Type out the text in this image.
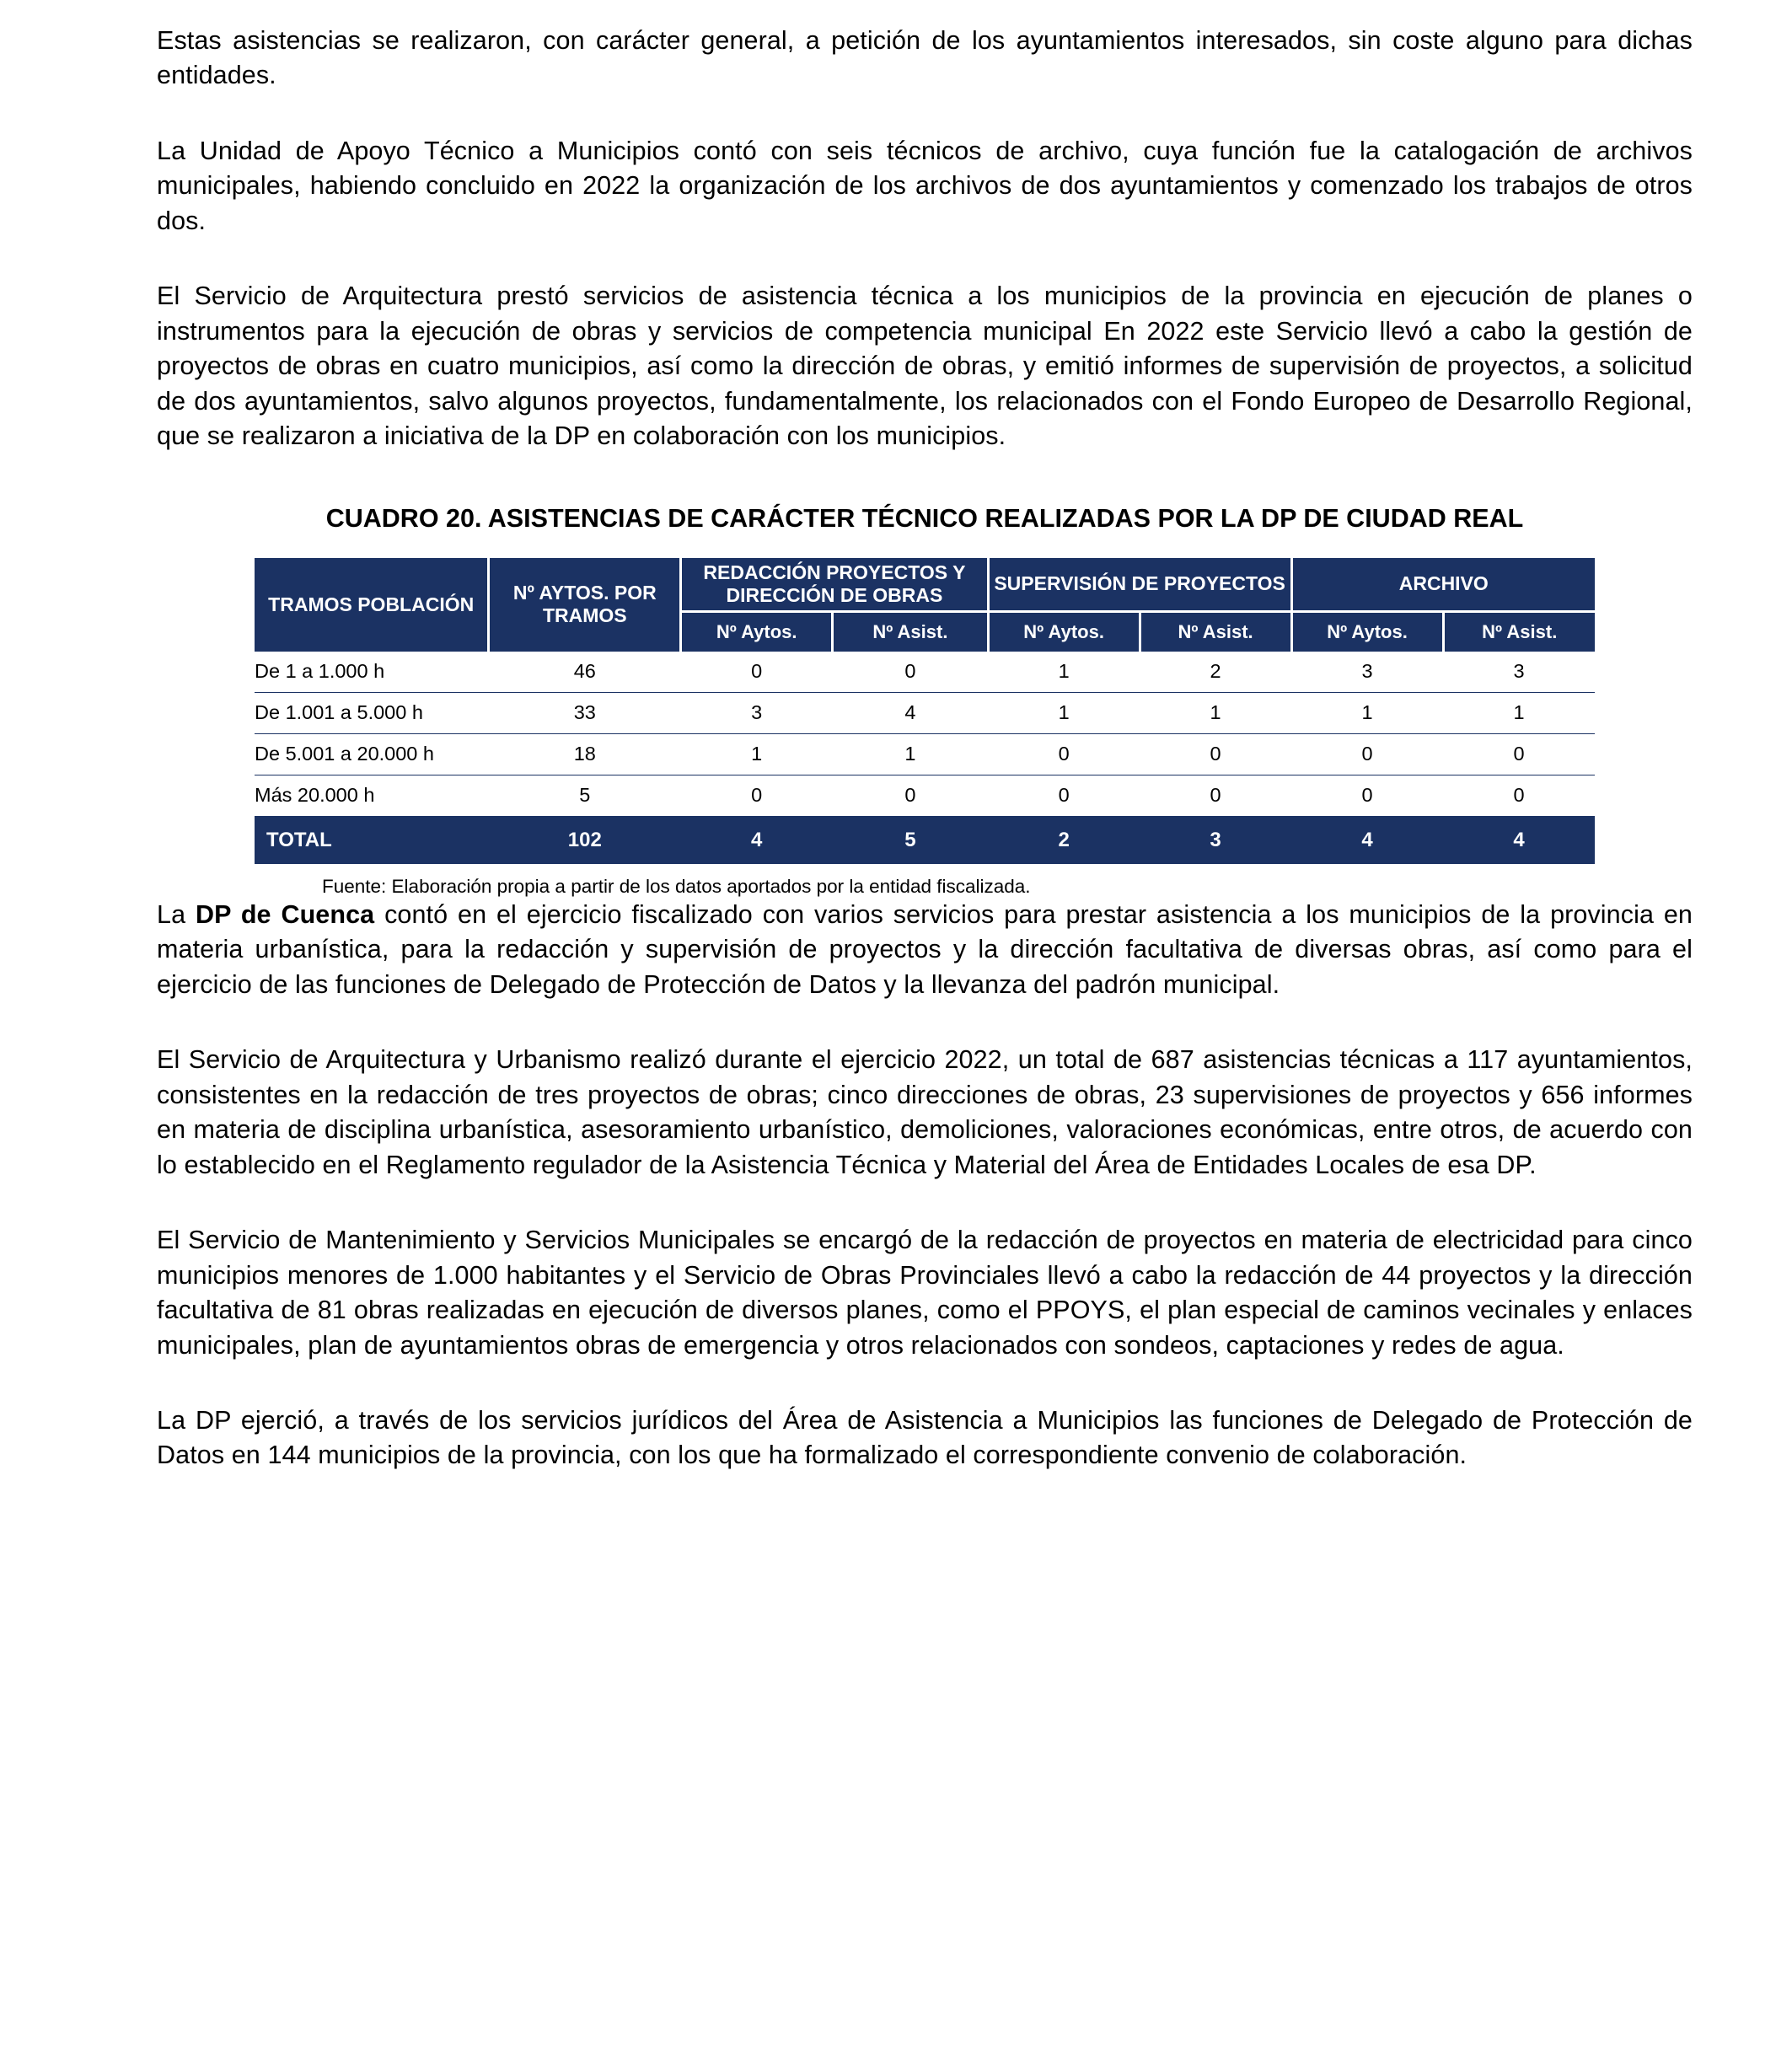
Estas asistencias se realizaron, con carácter general, a petición de los ayuntamientos interesados, sin coste alguno para dichas entidades.

La Unidad de Apoyo Técnico a Municipios contó con seis técnicos de archivo, cuya función fue la catalogación de archivos municipales, habiendo concluido en 2022 la organización de los archivos de dos ayuntamientos y comenzado los trabajos de otros dos.

El Servicio de Arquitectura prestó servicios de asistencia técnica a los municipios de la provincia en ejecución de planes o instrumentos para la ejecución de obras y servicios de competencia municipal En 2022 este Servicio llevó a cabo la gestión de proyectos de obras en cuatro municipios, así como la dirección de obras, y emitió informes de supervisión de proyectos, a solicitud de dos ayuntamientos, salvo algunos proyectos, fundamentalmente, los relacionados con el Fondo Europeo de Desarrollo Regional, que se realizaron a iniciativa de la DP en colaboración con los municipios.

CUADRO 20. ASISTENCIAS DE CARÁCTER TÉCNICO REALIZADAS POR LA DP DE CIUDAD REAL
TRAMOS POBLACIÓN	Nº AYTOS. POR TRAMOS	REDACCIÓN PROYECTOS Y DIRECCIÓN DE OBRAS		SUPERVISIÓN DE PROYECTOS		ARCHIVO	
		Nº Aytos.	Nº Asist.	Nº Aytos.	Nº Asist.	Nº Aytos.	Nº Asist.
De 1 a 1.000 h	46	0	0	1	2	3	3
De 1.001 a 5.000 h	33	3	4	1	1	1	1
De 5.001 a 20.000 h	18	1	1	0	0	0	0
Más 20.000 h	5	0	0	0	0	0	0
TOTAL	102	4	5	2	3	4	4

Fuente: Elaboración propia a partir de los datos aportados por la entidad fiscalizada.

La DP de Cuenca contó en el ejercicio fiscalizado con varios servicios para prestar asistencia a los municipios de la provincia en materia urbanística, para la redacción y supervisión de proyectos y la dirección facultativa de diversas obras, así como para el ejercicio de las funciones de Delegado de Protección de Datos y la llevanza del padrón municipal.

El Servicio de Arquitectura y Urbanismo realizó durante el ejercicio 2022, un total de 687 asistencias técnicas a 117 ayuntamientos, consistentes en la redacción de tres proyectos de obras; cinco direcciones de obras, 23 supervisiones de proyectos y 656 informes en materia de disciplina urbanística, asesoramiento urbanístico, demoliciones, valoraciones económicas, entre otros, de acuerdo con lo establecido en el Reglamento regulador de la Asistencia Técnica y Material del Área de Entidades Locales de esa DP.

El Servicio de Mantenimiento y Servicios Municipales se encargó de la redacción de proyectos en materia de electricidad para cinco municipios menores de 1.000 habitantes y el Servicio de Obras Provinciales llevó a cabo la redacción de 44 proyectos y la dirección facultativa de 81 obras realizadas en ejecución de diversos planes, como el PPOYS, el plan especial de caminos vecinales y enlaces municipales, plan de ayuntamientos obras de emergencia y otros relacionados con sondeos, captaciones y redes de agua.

La DP ejerció, a través de los servicios jurídicos del Área de Asistencia a Municipios las funciones de Delegado de Protección de Datos en 144 municipios de la provincia, con los que ha formalizado el correspondiente convenio de colaboración.
